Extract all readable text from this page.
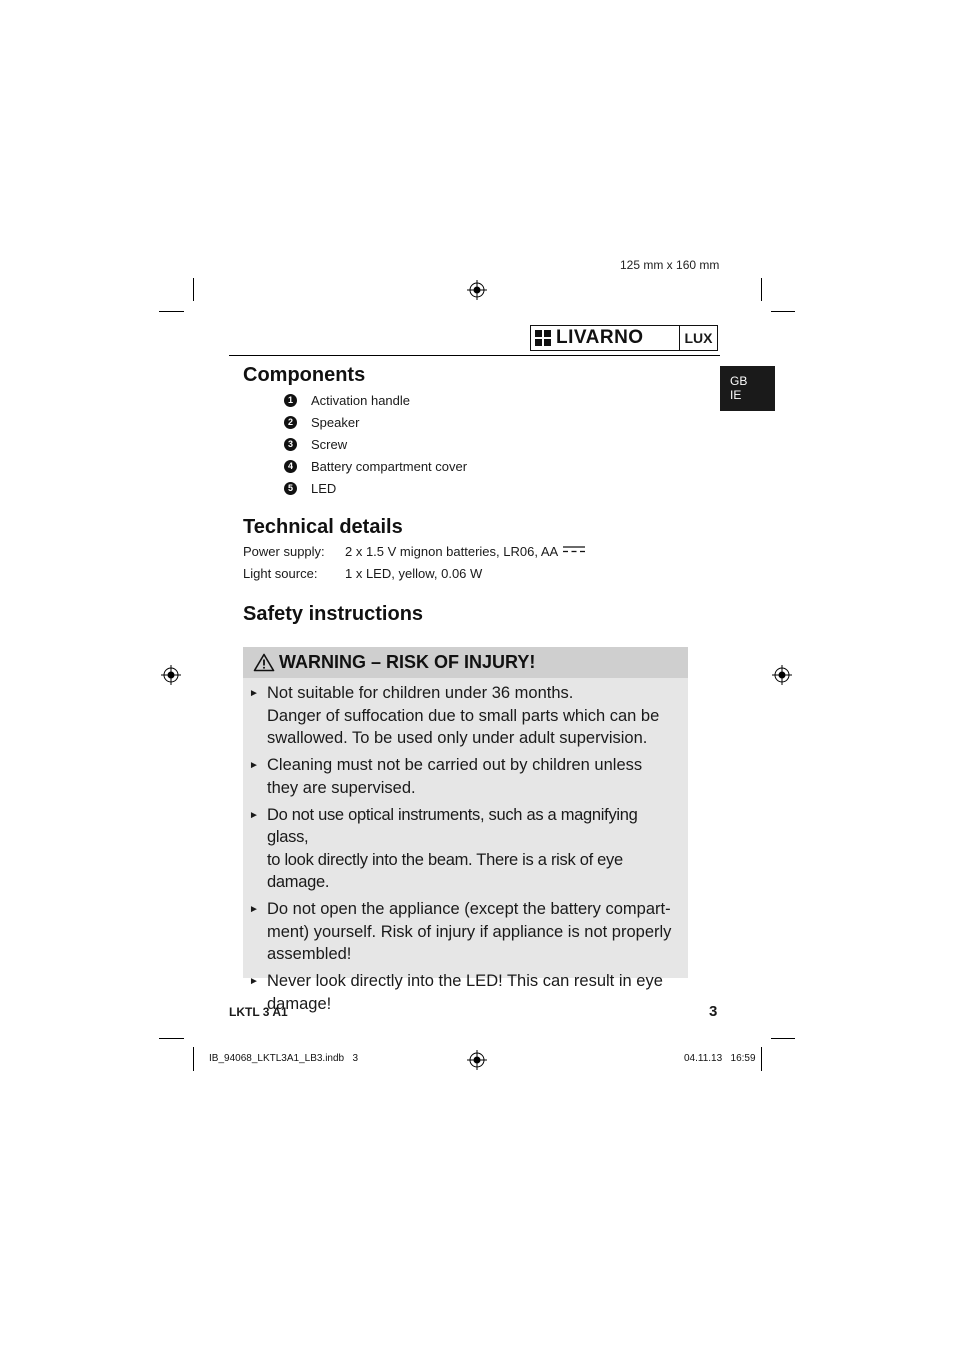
125 mm x 160 mm
LIVARNO	LUX
GB
IE
Components
1	Activation handle
2	Speaker
3	Screw
4	Battery compartment cover
5	LED
Technical details
Power supply:	2 x 1.5 V mignon batteries, LR06, AA
Light source:	1 x LED, yellow, 0.06 W
Safety instructions
WARNING – RISK OF INJURY!
► Not suitable for children under 36 months.
Danger of suffocation due to small parts which can be
swallowed. To be used only under adult supervision.
► Cleaning must not be carried out by children unless
they are supervised.
► Do not use optical instruments, such as a magnifying glass,
to look directly into the beam. There is a risk of eye damage.
► Do not open the appliance (except the battery compart-
ment) yourself. Risk of injury if appliance is not properly
assembled!
► Never look directly into the LED! This can result in eye
damage!
LKTL 3 A1	3
IB_94068_LKTL3A1_LB3.indb   3	04.11.13   16:59
